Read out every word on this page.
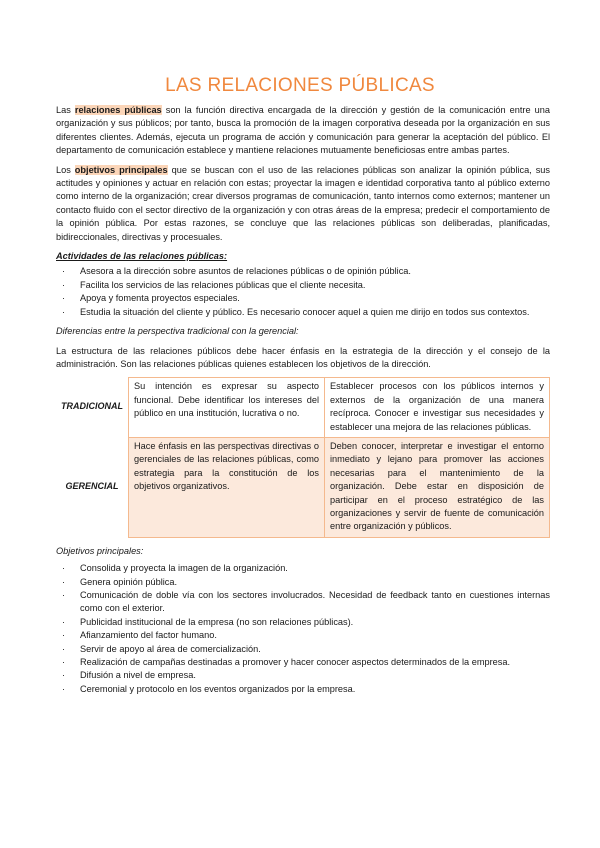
LAS RELACIONES PÚBLICAS

Las relaciones públicas son la función directiva encargada de la dirección y gestión de la comunicación entre una organización y sus públicos; por tanto, busca la promoción de la imagen corporativa deseada por la organización en sus diferentes clientes. Además, ejecuta un programa de acción y comunicación para generar la aceptación del público. El departamento de comunicación establece y mantiene relaciones mutuamente beneficiosas entre ambas partes.

Los objetivos principales que se buscan con el uso de las relaciones públicas son analizar la opinión pública, sus actitudes y opiniones y actuar en relación con estas; proyectar la imagen e identidad corporativa tanto al público externo como interno de la organización; crear diversos programas de comunicación, tanto internos como externos; mantener un contacto fluido con el sector directivo de la organización y con otras áreas de la empresa; predecir el comportamiento de la opinión pública. Por estas razones, se concluye que las relaciones públicas son deliberadas, planificadas, bidireccionales, directivas y procesuales.

Actividades de las relaciones públicas:
· Asesora a la dirección sobre asuntos de relaciones públicas o de opinión pública.
· Facilita los servicios de las relaciones públicas que el cliente necesita.
· Apoya y fomenta proyectos especiales.
· Estudia la situación del cliente y público. Es necesario conocer aquel a quien me dirijo en todos sus contextos.
Diferencias entre la perspectiva tradicional con la gerencial:

La estructura de las relaciones públicos debe hacer énfasis en la estrategia de la dirección y el consejo de la administración. Son las relaciones públicas quienes establecen los objetivos de la dirección.

TRADICIONAL	Su intención es expresar su aspecto funcional. Debe identificar los intereses del público en una institución, lucrativa o no.	Establecer procesos con los públicos internos y externos de la organización de una manera recíproca. Conocer e investigar sus necesidades y establecer una mejora de las relaciones públicas.
GERENCIAL	Hace énfasis en las perspectivas directivas o gerenciales de las relaciones públicas, como estrategia para la constitución de los objetivos organizativos.	Deben conocer, interpretar e investigar el entorno inmediato y lejano para promover las acciones necesarias para el mantenimiento de la organización. Debe estar en disposición de participar en el proceso estratégico de las organizaciones y servir de fuente de comunicación entre organización y públicos.
Objetivos principales:
· Consolida y proyecta la imagen de la organización.
· Genera opinión pública.
· Comunicación de doble vía con los sectores involucrados. Necesidad de feedback tanto en cuestiones internas como con el exterior.
· Publicidad institucional de la empresa (no son relaciones públicas).
· Afianzamiento del factor humano.
· Servir de apoyo al área de comercialización.
· Realización de campañas destinadas a promover y hacer conocer aspectos determinados de la empresa.
· Difusión a nivel de empresa.
· Ceremonial y protocolo en los eventos organizados por la empresa.
